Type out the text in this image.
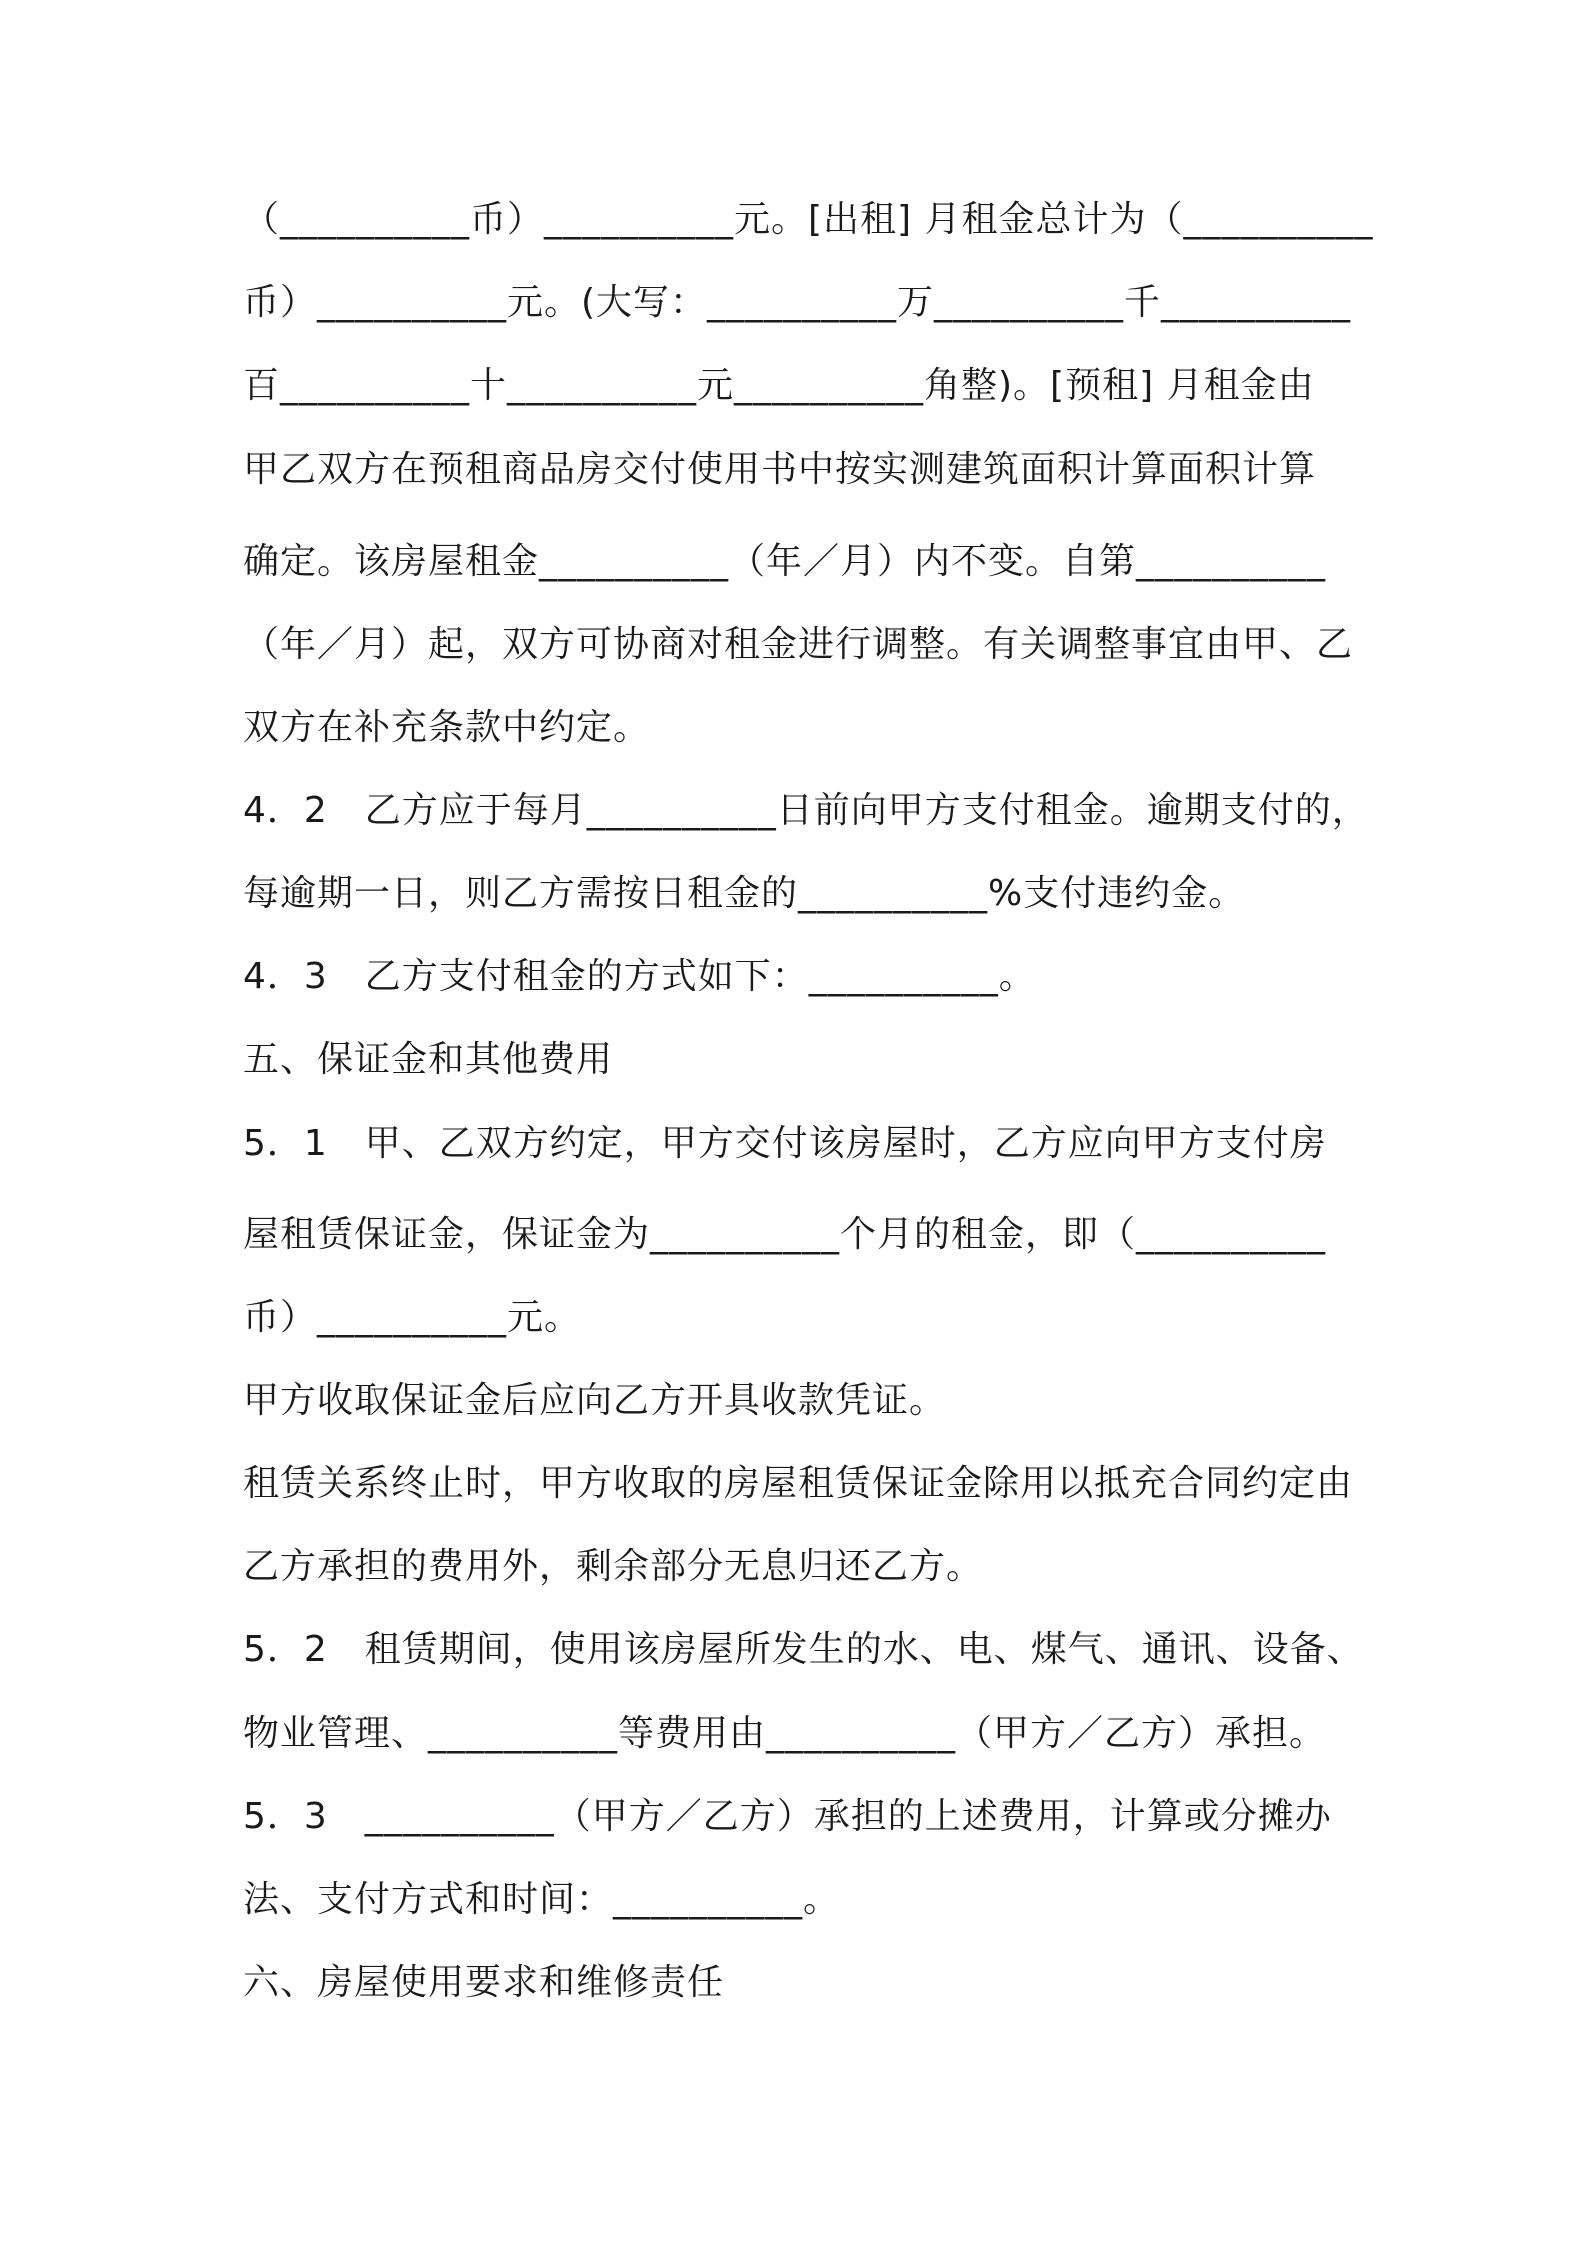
（__________币）__________元。[出租] 月租金总计为（__________
币）__________元。(大写：__________万__________千__________
百__________十__________元__________角整)。[预租] 月租金由
甲乙双方在预租商品房交付使用书中按实测建筑面积计算面积计算
确定。该房屋租金__________（年／月）内不变。自第__________
（年／月）起，双方可协商对租金进行调整。有关调整事宜由甲、乙
双方在补充条款中约定。
4．2　乙方应于每月__________日前向甲方支付租金。逾期支付的，
每逾期一日，则乙方需按日租金的__________%支付违约金。
4．3　乙方支付租金的方式如下：__________。
五、保证金和其他费用
5．1　甲、乙双方约定，甲方交付该房屋时，乙方应向甲方支付房
屋租赁保证金，保证金为__________个月的租金，即（__________
币）__________元。
甲方收取保证金后应向乙方开具收款凭证。
租赁关系终止时，甲方收取的房屋租赁保证金除用以抵充合同约定由
乙方承担的费用外，剩余部分无息归还乙方。
5．2　租赁期间，使用该房屋所发生的水、电、煤气、通讯、设备、
物业管理、__________等费用由__________（甲方／乙方）承担。
5．3　__________（甲方／乙方）承担的上述费用，计算或分摊办
法、支付方式和时间：__________。
六、房屋使用要求和维修责任
